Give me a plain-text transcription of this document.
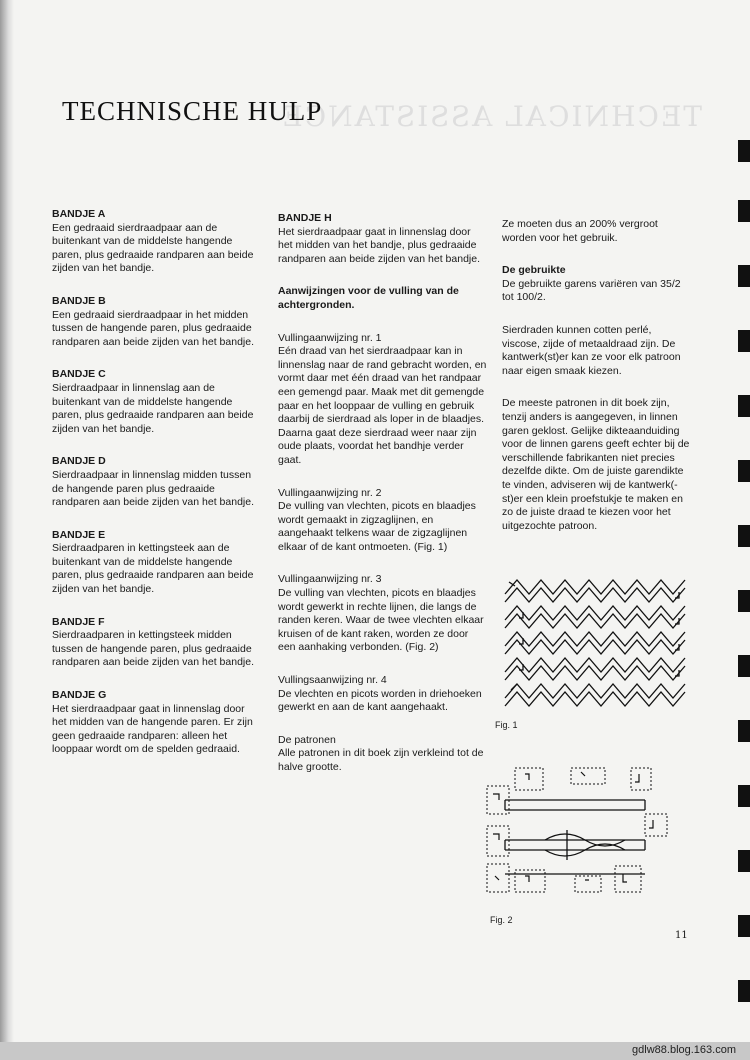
TECHNICAL ASSISTANCE
TECHNISCHE HULP
BANDJE A

Een gedraaid sierdraadpaar aan de buitenkant van de middelste hangende paren, plus gedraaide randparen aan beide zijden van het bandje.

BANDJE B

Een gedraaid sierdraadpaar in het midden tussen de hangende paren, plus gedraaide randparen aan beide zijden van het bandje.

BANDJE C

Sierdraadpaar in linnenslag aan de buitenkant van de middelste hangende paren, plus gedraaide randparen aan beide zijden van het bandje.

BANDJE D

Sierdraadpaar in linnenslag midden tussen de hangende paren plus gedraaide randparen aan beide zijden van het bandje.

BANDJE E

Sierdraadparen in kettingsteek aan de buitenkant van de middelste hangende paren, plus gedraaide randparen aan beide zijden van het bandje.

BANDJE F

Sierdraadparen in kettingsteek midden tussen de hangende paren, plus gedraaide randparen aan beide zijden van het bandje.

BANDJE G

Het sierdraadpaar gaat in linnenslag door het midden van de hangende paren. Er zijn geen gedraaide randparen: alleen het looppaar wordt om de spelden gedraaid.

BANDJE H

Het sierdraadpaar gaat in linnenslag door het midden van het bandje, plus gedraaide randparen aan beide zijden van het bandje.

Aanwijzingen voor de vulling van de achtergronden.
Vullingaanwijzing nr. 1

Eén draad van het sierdraadpaar kan in linnenslag naar de rand gebracht worden, en vormt daar met één draad van het randpaar een gemengd paar. Maak met dit gemengde paar en het looppaar de vulling en gebruik daarbij de sierdraad als loper in de blaadjes. Daarna gaat deze sierdraad weer naar zijn oude plaats, voordat het bandhje verder gaat.

Vullingaanwijzing nr. 2

De vulling van vlechten, picots en blaadjes wordt gemaakt in zigzaglijnen, en aangehaakt telkens waar de zigzaglijnen elkaar of de kant ontmoeten. (Fig. 1)

Vullingaanwijzing nr. 3

De vulling van vlechten, picots en blaadjes wordt gewerkt in rechte lijnen, die langs de randen keren. Waar de twee vlechten elkaar kruisen of de kant raken, worden ze door een aanhaking verbonden. (Fig. 2)

Vullingsaanwijzing nr. 4

De vlechten en picots worden in driehoeken gewerkt en aan de kant aangehaakt.

De patronen

Alle patronen in dit boek zijn verkleind tot de halve grootte.

Ze moeten dus an 200% vergroot worden voor het gebruik.

De gebruikte

De gebruikte garens variëren van 35/2 tot 100/2.

Sierdraden kunnen cotten perlé, viscose, zijde of metaaldraad zijn. De kantwerk(st)er kan ze voor elk patroon naar eigen smaak kiezen.

De meeste patronen in dit boek zijn, tenzij anders is aangegeven, in linnen garen geklost. Gelijke dikteaanduiding voor de linnen garens geeft echter bij de verschillende fabrikanten niet precies dezelfde dikte. Om de juiste garendikte te vinden, adviseren wij de kantwerk(-st)er een klein proefstukje te maken en zo de juiste draad te kiezen voor het uitgezochte patroon.

Fig. 1
Fig. 2
11
gdlw88.blog.163.com
